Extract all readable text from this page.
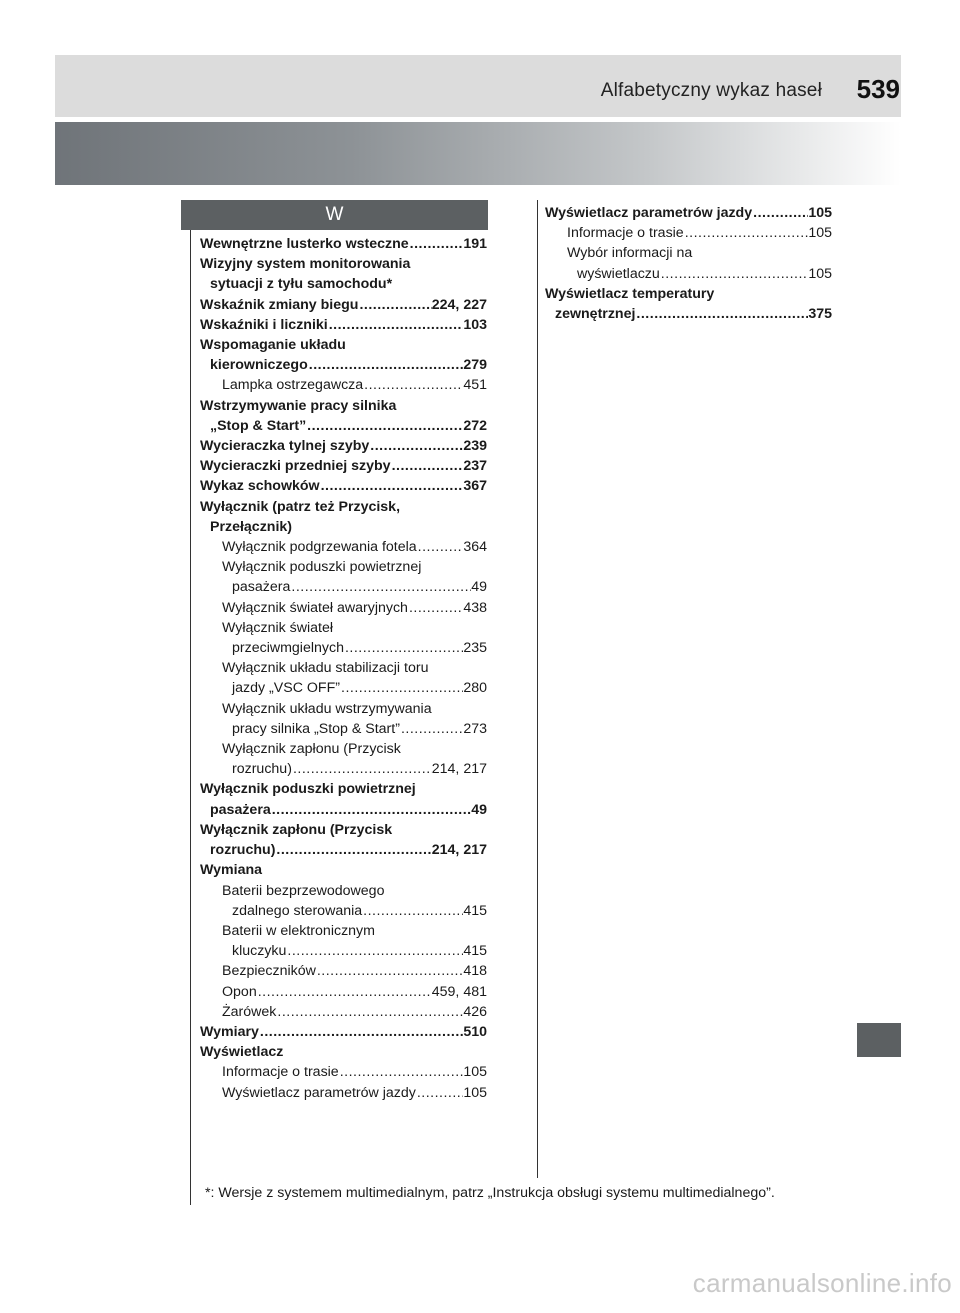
Alfabetyczny wykaz haseł 539
W
Wewnętrzne lusterko wsteczne .....	191
Wizyjny system monitorowania
sytuacji z tyłu samochodu*
Wskaźnik zmiany biegu .....	224, 227
Wskaźniki i liczniki .....	103
Wspomaganie układu
kierowniczego .....	279
Lampka ostrzegawcza .....	451
Wstrzymywanie pracy silnika
„Stop & Start” .....	272
Wycieraczka tylnej szyby .....	239
Wycieraczki przedniej szyby .....	237
Wykaz schowków .....	367
Wyłącznik (patrz też Przycisk,
Przełącznik)
Wyłącznik podgrzewania fotela .....	364
Wyłącznik poduszki powietrznej
pasażera .....	49
Wyłącznik świateł awaryjnych .....	438
Wyłącznik świateł
przeciwmgielnych .....	235
Wyłącznik układu stabilizacji toru
jazdy „VSC OFF” .....	280
Wyłącznik układu wstrzymywania
pracy silnika „Stop & Start” .....	273
Wyłącznik zapłonu (Przycisk
rozruchu) .....	214, 217
Wyłącznik poduszki powietrznej
pasażera .....	49
Wyłącznik zapłonu (Przycisk
rozruchu) .....	214, 217
Wymiana
Baterii bezprzewodowego
zdalnego sterowania .....	415
Baterii w elektronicznym
kluczyku .....	415
Bezpieczników .....	418
Opon .....	459, 481
Żarówek .....	426
Wymiary .....	510
Wyświetlacz
Informacje o trasie .....	105
Wyświetlacz parametrów jazdy .....	105
Wyświetlacz parametrów jazdy .....	105
Informacje o trasie .....	105
Wybór informacji na
wyświetlaczu .....	105
Wyświetlacz temperatury
zewnętrznej .....	375
*: Wersje z systemem multimedialnym, patrz „Instrukcja obsługi systemu multimedialnego”.
carmanualsonline.info
